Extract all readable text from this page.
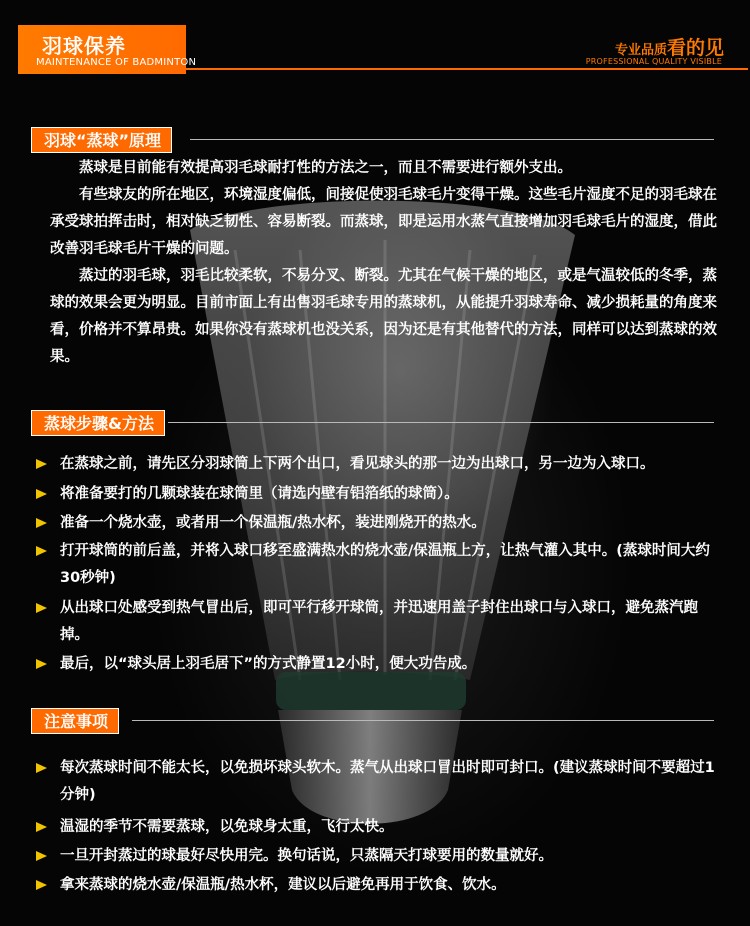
羽球保养
MAINTENANCE OF BADMINTON
专业品质看的见
PROFESSIONAL QUALITY VISIBLE
羽球“蒸球”原理
蒸球是目前能有效提高羽毛球耐打性的方法之一，而且不需要进行额外支出。
有些球友的所在地区，环境湿度偏低，间接促使羽毛球毛片变得干燥。这些毛片湿度不足的羽毛球在承受球拍挥击时，相对缺乏韧性、容易断裂。而蒸球，即是运用水蒸气直接增加羽毛球毛片的湿度，借此改善羽毛球毛片干燥的问题。
蒸过的羽毛球，羽毛比较柔软，不易分叉、断裂。尤其在气候干燥的地区，或是气温较低的冬季，蒸球的效果会更为明显。目前市面上有出售羽毛球专用的蒸球机，从能提升羽球寿命、减少损耗量的角度来看，价格并不算昂贵。如果你没有蒸球机也没关系，因为还是有其他替代的方法，同样可以达到蒸球的效果。
蒸球步骤&方法
在蒸球之前，请先区分羽球筒上下两个出口，看见球头的那一边为出球口，另一边为入球口。
将准备要打的几颗球装在球筒里（请选内壁有铝箔纸的球筒）。
准备一个烧水壶，或者用一个保温瓶/热水杯，装进刚烧开的热水。
打开球筒的前后盖，并将入球口移至盛满热水的烧水壶/保温瓶上方，让热气灌入其中。(蒸球时间大约30秒钟)
从出球口处感受到热气冒出后，即可平行移开球筒，并迅速用盖子封住出球口与入球口，避免蒸汽跑掉。
最后，以“球头居上羽毛居下”的方式静置12小时，便大功告成。
注意事项
每次蒸球时间不能太长，以免损坏球头软木。蒸气从出球口冒出时即可封口。(建议蒸球时间不要超过1分钟)
温湿的季节不需要蒸球，以免球身太重，飞行太快。
一旦开封蒸过的球最好尽快用完。换句话说，只蒸隔天打球要用的数量就好。
拿来蒸球的烧水壶/保温瓶/热水杯，建议以后避免再用于饮食、饮水。
